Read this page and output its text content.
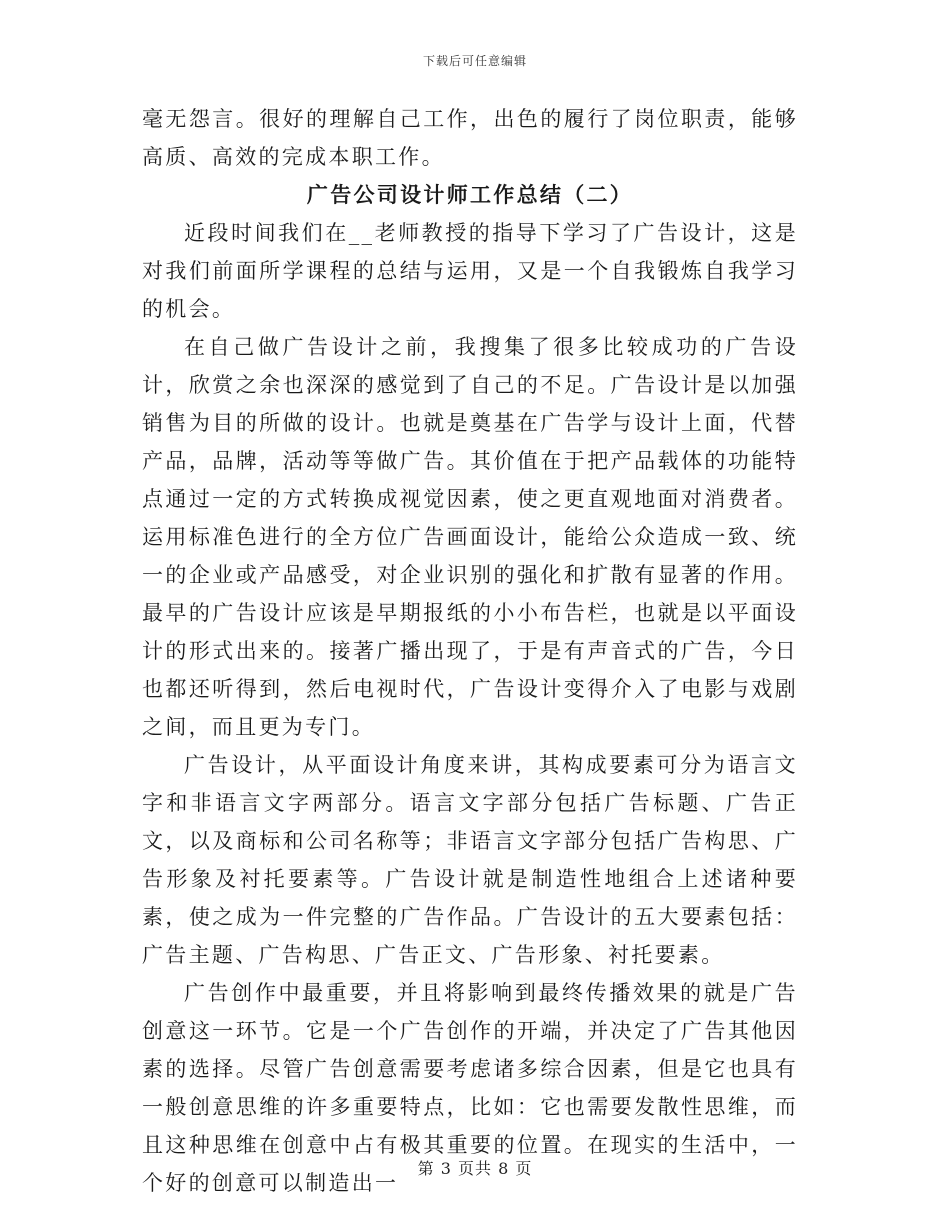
下载后可任意编辑

毫无怨言。很好的理解自己工作，出色的履行了岗位职责，能够高质、高效的完成本职工作。

广告公司设计师工作总结（二）

近段时间我们在__老师教授的指导下学习了广告设计，这是对我们前面所学课程的总结与运用，又是一个自我锻炼自我学习的机会。

在自己做广告设计之前，我搜集了很多比较成功的广告设计，欣赏之余也深深的感觉到了自己的不足。广告设计是以加强销售为目的所做的设计。也就是奠基在广告学与设计上面，代替产品，品牌，活动等等做广告。其价值在于把产品载体的功能特点通过一定的方式转换成视觉因素，使之更直观地面对消费者。运用标准色进行的全方位广告画面设计，能给公众造成一致、统一的企业或产品感受，对企业识别的强化和扩散有显著的作用。最早的广告设计应该是早期报纸的小小布告栏，也就是以平面设计的形式出来的。接著广播出现了，于是有声音式的广告，今日也都还听得到，然后电视时代，广告设计变得介入了电影与戏剧之间，而且更为专门。

广告设计，从平面设计角度来讲，其构成要素可分为语言文字和非语言文字两部分。语言文字部分包括广告标题、广告正文，以及商标和公司名称等；非语言文字部分包括广告构思、广告形象及衬托要素等。广告设计就是制造性地组合上述诸种要素，使之成为一件完整的广告作品。广告设计的五大要素包括：广告主题、广告构思、广告正文、广告形象、衬托要素。

广告创作中最重要，并且将影响到最终传播效果的就是广告创意这一环节。它是一个广告创作的开端，并决定了广告其他因素的选择。尽管广告创意需要考虑诸多综合因素，但是它也具有一般创意思维的许多重要特点，比如：它也需要发散性思维，而且这种思维在创意中占有极其重要的位置。在现实的生活中，一个好的创意可以制造出一

第 3 页共 8 页
